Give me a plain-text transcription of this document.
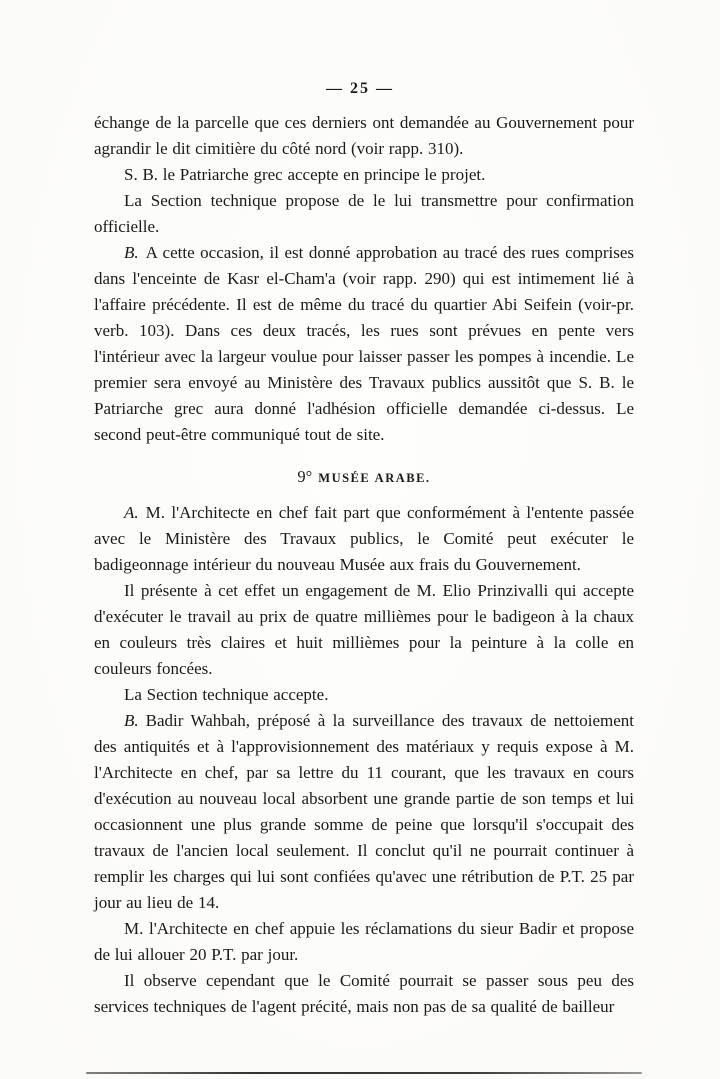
— 25 —

échange de la parcelle que ces derniers ont demandée au Gouvernement pour agrandir le dit cimitière du côté nord (voir rapp. 310).

S. B. le Patriarche grec accepte en principe le projet.

La Section technique propose de le lui transmettre pour confirmation officielle.

B. A cette occasion, il est donné approbation au tracé des rues comprises dans l'enceinte de Kasr el-Cham'a (voir rapp. 290) qui est intimement lié à l'affaire précédente. Il est de même du tracé du quartier Abi Seifein (voir-pr. verb. 103). Dans ces deux tracés, les rues sont prévues en pente vers l'intérieur avec la largeur voulue pour laisser passer les pompes à incendie. Le premier sera envoyé au Ministère des Travaux publics aussitôt que S. B. le Patriarche grec aura donné l'adhésion officielle demandée ci-dessus. Le second peut-être communiqué tout de site.

9° MUSÉE ARABE.

A. M. l'Architecte en chef fait part que conformément à l'entente passée avec le Ministère des Travaux publics, le Comité peut exécuter le badigeonnage intérieur du nouveau Musée aux frais du Gouvernement.

Il présente à cet effet un engagement de M. Elio Prinzivalli qui accepte d'exécuter le travail au prix de quatre millièmes pour le badigeon à la chaux en couleurs très claires et huit millièmes pour la peinture à la colle en couleurs foncées.

La Section technique accepte.

B. Badir Wahbah, préposé à la surveillance des travaux de nettoiement des antiquités et à l'approvisionnement des matériaux y requis expose à M. l'Architecte en chef, par sa lettre du 11 courant, que les travaux en cours d'exécution au nouveau local absorbent une grande partie de son temps et lui occasionnent une plus grande somme de peine que lorsqu'il s'occupait des travaux de l'ancien local seulement. Il conclut qu'il ne pourrait continuer à remplir les charges qui lui sont confiées qu'avec une rétribution de P.T. 25 par jour au lieu de 14.

M. l'Architecte en chef appuie les réclamations du sieur Badir et propose de lui allouer 20 P.T. par jour.

Il observe cependant que le Comité pourrait se passer sous peu des services techniques de l'agent précité, mais non pas de sa qualité de bailleur
